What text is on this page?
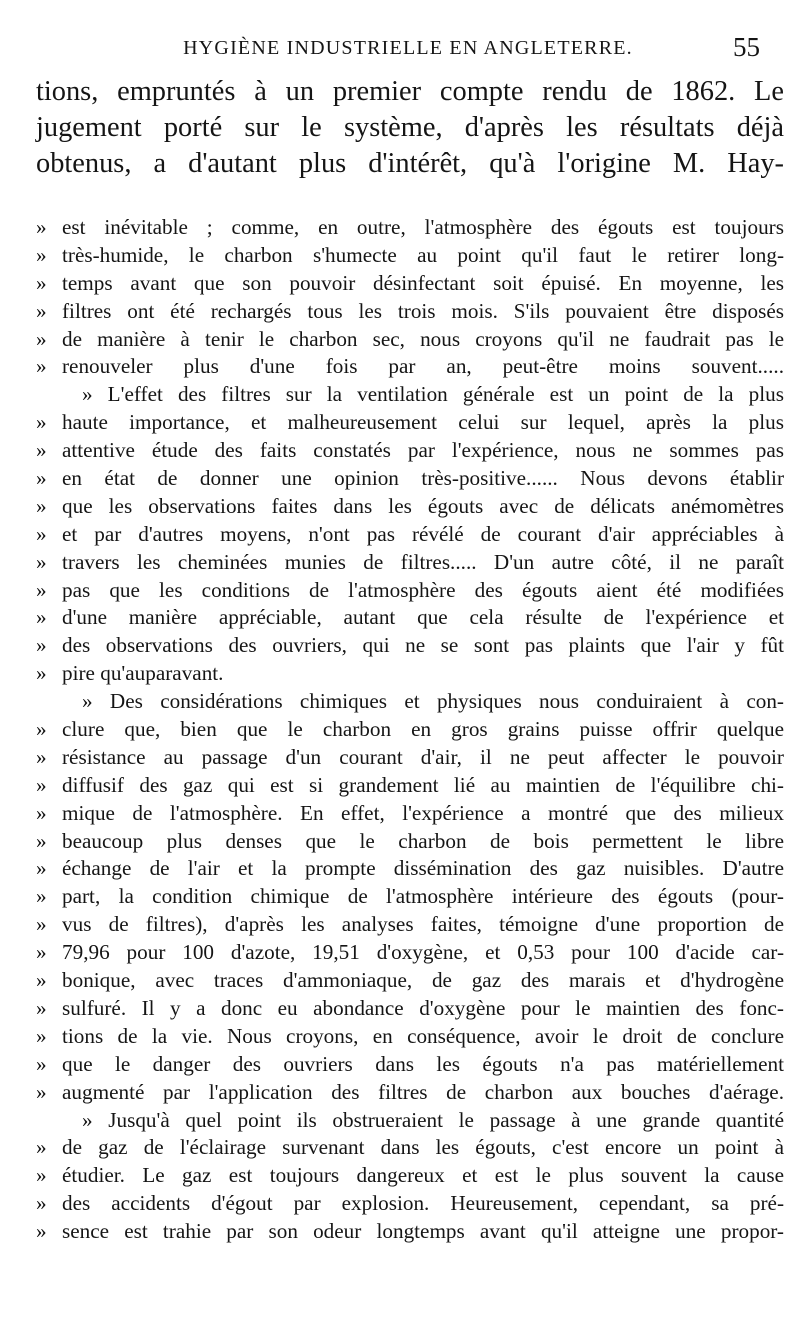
HYGIÈNE INDUSTRIELLE EN ANGLETERRE.	55
tions, empruntés à un premier compte rendu de 1862. Le
jugement porté sur le système, d'après les résultats déjà
obtenus, a d'autant plus d'intérêt, qu'à l'origine M. Hay-
» est inévitable ; comme, en outre, l'atmosphère des égouts est toujours
» très-humide, le charbon s'humecte au point qu'il faut le retirer long-
» temps avant que son pouvoir désinfectant soit épuisé. En moyenne, les
» filtres ont été rechargés tous les trois mois. S'ils pouvaient être disposés
» de manière à tenir le charbon sec, nous croyons qu'il ne faudrait pas le
» renouveler plus d'une fois par an, peut-être moins souvent.....
» L'effet des filtres sur la ventilation générale est un point de la plus
» haute importance, et malheureusement celui sur lequel, après la plus
» attentive étude des faits constatés par l'expérience, nous ne sommes pas
» en état de donner une opinion très-positive...... Nous devons établir
» que les observations faites dans les égouts avec de délicats anémomètres
» et par d'autres moyens, n'ont pas révélé de courant d'air appréciables à
» travers les cheminées munies de filtres..... D'un autre côté, il ne paraît
» pas que les conditions de l'atmosphère des égouts aient été modifiées
» d'une manière appréciable, autant que cela résulte de l'expérience et
» des observations des ouvriers, qui ne se sont pas plaints que l'air y fût
» pire qu'auparavant.
» Des considérations chimiques et physiques nous conduiraient à con-
» clure que, bien que le charbon en gros grains puisse offrir quelque
» résistance au passage d'un courant d'air, il ne peut affecter le pouvoir
» diffusif des gaz qui est si grandement lié au maintien de l'équilibre chi-
» mique de l'atmosphère. En effet, l'expérience a montré que des milieux
» beaucoup plus denses que le charbon de bois permettent le libre
» échange de l'air et la prompte dissémination des gaz nuisibles. D'autre
» part, la condition chimique de l'atmosphère intérieure des égouts (pour-
» vus de filtres), d'après les analyses faites, témoigne d'une proportion de
» 79,96 pour 100 d'azote, 19,51 d'oxygène, et 0,53 pour 100 d'acide car-
» bonique, avec traces d'ammoniaque, de gaz des marais et d'hydrogène
» sulfuré. Il y a donc eu abondance d'oxygène pour le maintien des fonc-
» tions de la vie. Nous croyons, en conséquence, avoir le droit de conclure
» que le danger des ouvriers dans les égouts n'a pas matériellement
» augmenté par l'application des filtres de charbon aux bouches d'aérage.
» Jusqu'à quel point ils obstrueraient le passage à une grande quantité
» de gaz de l'éclairage survenant dans les égouts, c'est encore un point à
» étudier. Le gaz est toujours dangereux et est le plus souvent la cause
» des accidents d'égout par explosion. Heureusement, cependant, sa pré-
» sence est trahie par son odeur longtemps avant qu'il atteigne une propor-
